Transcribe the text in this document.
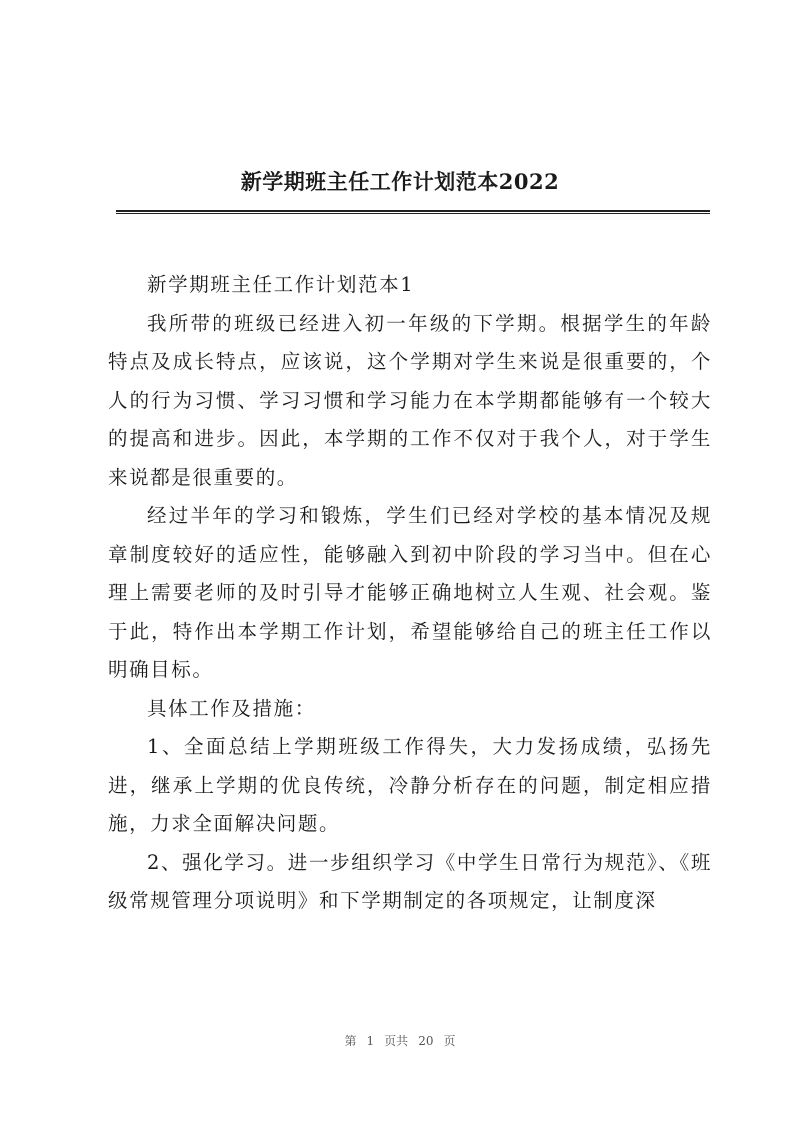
新学期班主任工作计划范本2022

新学期班主任工作计划范本1

我所带的班级已经进入初一年级的下学期。根据学生的年龄特点及成长特点，应该说，这个学期对学生来说是很重要的，个人的行为习惯、学习习惯和学习能力在本学期都能够有一个较大的提高和进步。因此，本学期的工作不仅对于我个人，对于学生来说都是很重要的。

经过半年的学习和锻炼，学生们已经对学校的基本情况及规章制度较好的适应性，能够融入到初中阶段的学习当中。但在心理上需要老师的及时引导才能够正确地树立人生观、社会观。鉴于此，特作出本学期工作计划，希望能够给自己的班主任工作以明确目标。

具体工作及措施：

1、全面总结上学期班级工作得失，大力发扬成绩，弘扬先进，继承上学期的优良传统，冷静分析存在的问题，制定相应措施，力求全面解决问题。

2、强化学习。进一步组织学习《中学生日常行为规范》、《班级常规管理分项说明》和下学期制定的各项规定，让制度深

第 1 页共 20 页
